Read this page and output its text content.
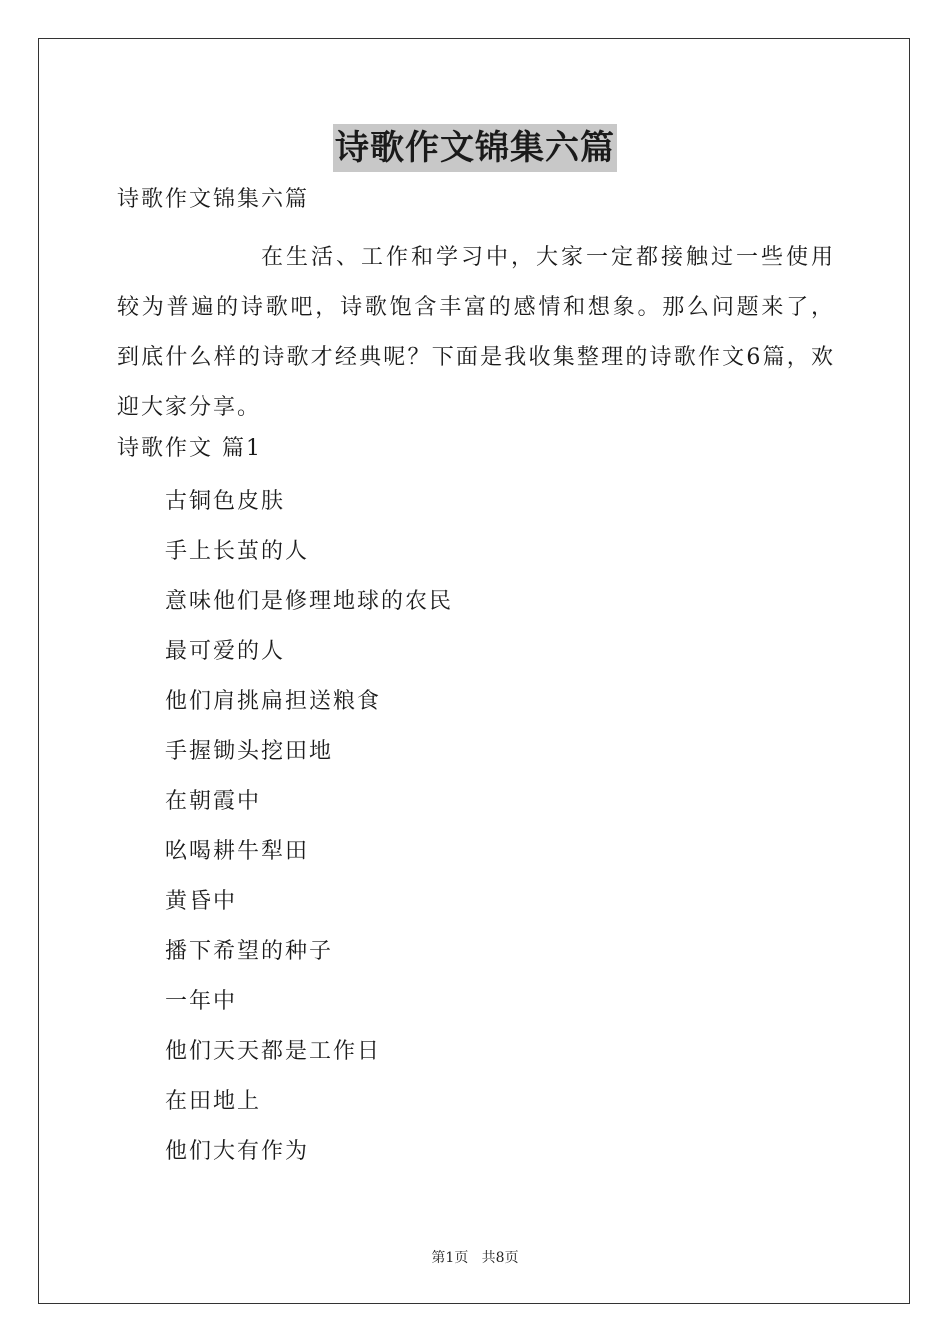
诗歌作文锦集六篇
诗歌作文锦集六篇
在生活、工作和学习中，大家一定都接触过一些使用较为普遍的诗歌吧，诗歌饱含丰富的感情和想象。那么问题来了，到底什么样的诗歌才经典呢？下面是我收集整理的诗歌作文6篇，欢迎大家分享。
诗歌作文 篇1
古铜色皮肤
手上长茧的人
意味他们是修理地球的农民
最可爱的人
他们肩挑扁担送粮食
手握锄头挖田地
在朝霞中
吆喝耕牛犁田
黄昏中
播下希望的种子
一年中
他们天天都是工作日
在田地上
他们大有作为
第1页   共8页
